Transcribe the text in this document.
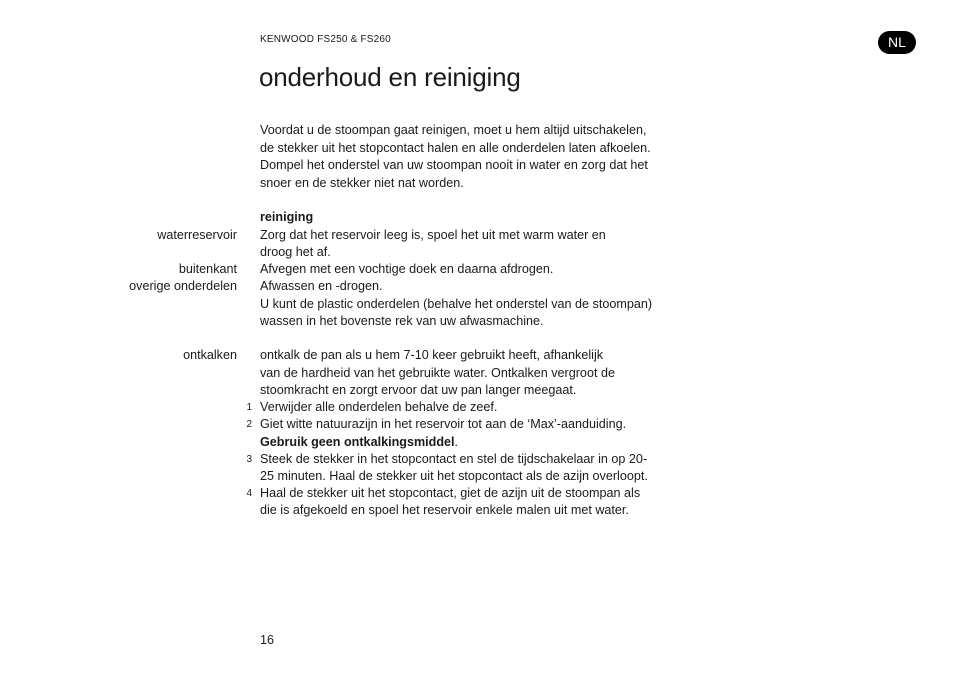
KENWOOD FS250 & FS260	NL
onderhoud en reiniging
Voordat u de stoompan gaat reinigen, moet u hem altijd uitschakelen,
de stekker uit het stopcontact halen en alle onderdelen laten afkoelen.
Dompel het onderstel van uw stoompan nooit in water en zorg dat het
snoer en de stekker niet nat worden.
reiniging
waterreservoir Zorg dat het reservoir leeg is, spoel het uit met warm water en
droog het af.
buitenkant Afvegen met een vochtige doek en daarna afdrogen.
overige onderdelen Afwassen en -drogen.
U kunt de plastic onderdelen (behalve het onderstel van de stoompan)
wassen in het bovenste rek van uw afwasmachine.
ontkalken ontkalk de pan als u hem 7-10 keer gebruikt heeft, afhankelijk
van de hardheid van het gebruikte water. Ontkalken vergroot de
stoomkracht en zorgt ervoor dat uw pan langer meegaat.
1 Verwijder alle onderdelen behalve de zeef.
2 Giet witte natuurazijn in het reservoir tot aan de ‘Max’-aanduiding.
Gebruik geen ontkalkingsmiddel.
3 Steek de stekker in het stopcontact en stel de tijdschakelaar in op 20-
25 minuten. Haal de stekker uit het stopcontact als de azijn overloopt.
4 Haal de stekker uit het stopcontact, giet de azijn uit de stoompan als
die is afgekoeld en spoel het reservoir enkele malen uit met water.
16
